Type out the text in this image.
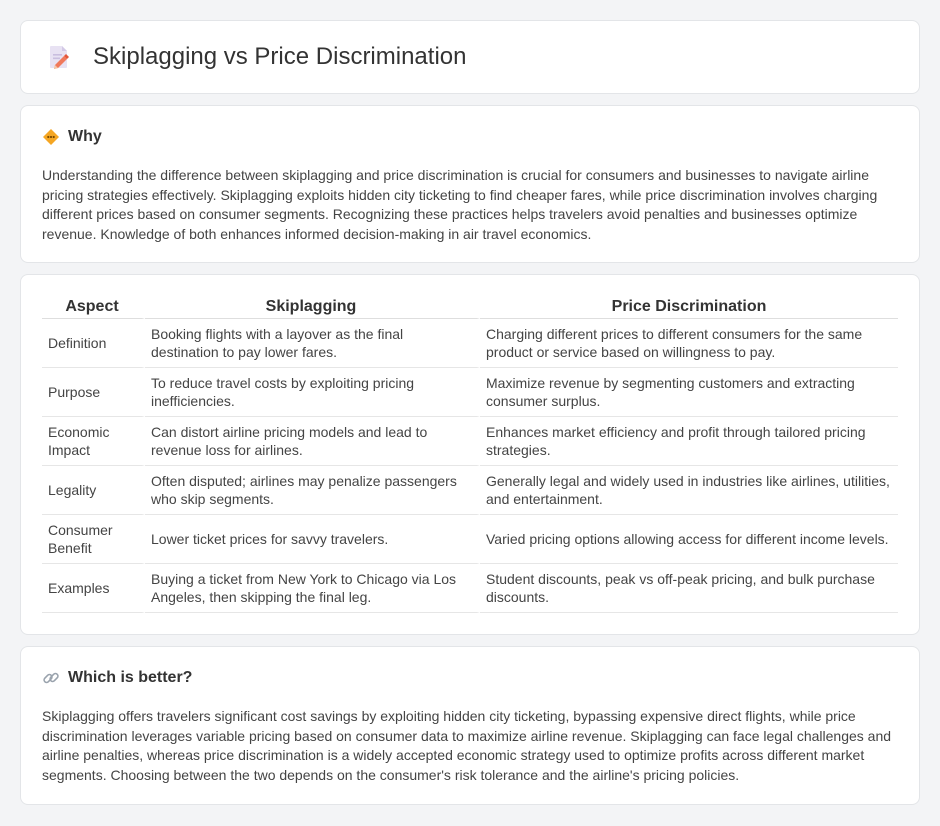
Skiplagging vs Price Discrimination
Why

Understanding the difference between skiplagging and price discrimination is crucial for consumers and businesses to navigate airline pricing strategies effectively. Skiplagging exploits hidden city ticketing to find cheaper fares, while price discrimination involves charging different prices based on consumer segments. Recognizing these practices helps travelers avoid penalties and businesses optimize revenue. Knowledge of both enhances informed decision-making in air travel economics.

Aspect	Skiplagging	Price Discrimination
Definition	Booking flights with a layover as the final destination to pay lower fares.	Charging different prices to different consumers for the same product or service based on willingness to pay.
Purpose	To reduce travel costs by exploiting pricing inefficiencies.	Maximize revenue by segmenting customers and extracting consumer surplus.
Economic Impact	Can distort airline pricing models and lead to revenue loss for airlines.	Enhances market efficiency and profit through tailored pricing strategies.
Legality	Often disputed; airlines may penalize passengers who skip segments.	Generally legal and widely used in industries like airlines, utilities, and entertainment.
Consumer Benefit	Lower ticket prices for savvy travelers.	Varied pricing options allowing access for different income levels.
Examples	Buying a ticket from New York to Chicago via Los Angeles, then skipping the final leg.	Student discounts, peak vs off-peak pricing, and bulk purchase discounts.
Which is better?

Skiplagging offers travelers significant cost savings by exploiting hidden city ticketing, bypassing expensive direct flights, while price discrimination leverages variable pricing based on consumer data to maximize airline revenue. Skiplagging can face legal challenges and airline penalties, whereas price discrimination is a widely accepted economic strategy used to optimize profits across different market segments. Choosing between the two depends on the consumer's risk tolerance and the airline's pricing policies.
